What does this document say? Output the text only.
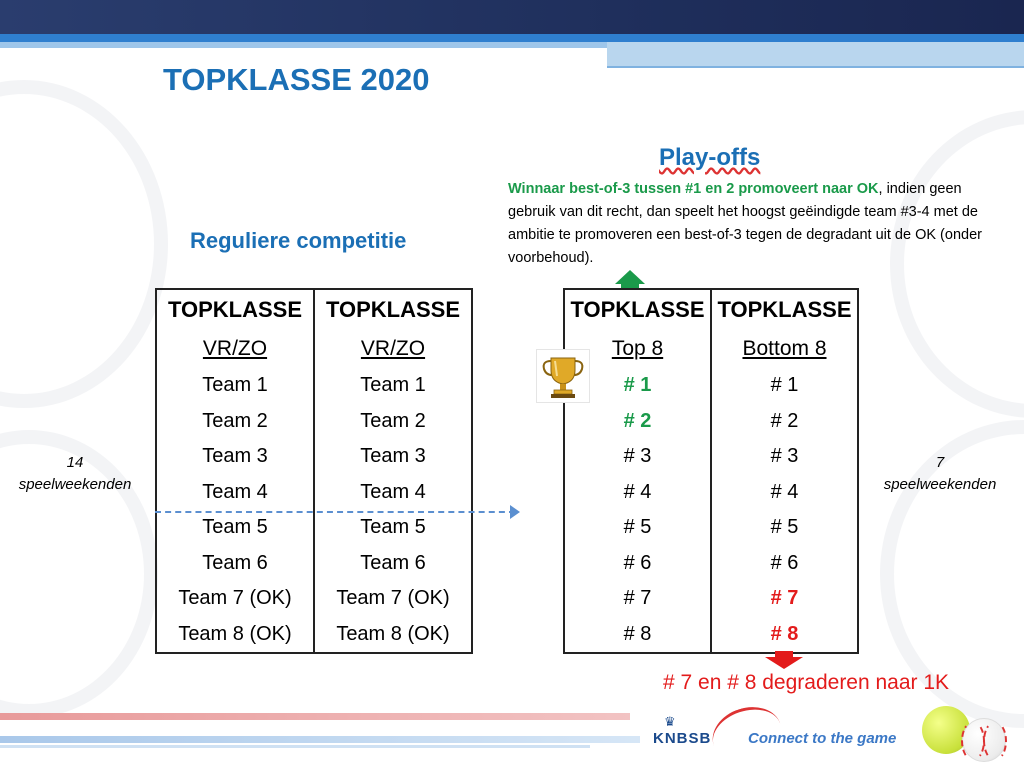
TOPKLASSE 2020
Reguliere competitie
Play-offs
Winnaar best-of-3 tussen #1 en 2 promoveert naar OK, indien geen gebruik van dit recht, dan speelt het hoogst geëindigde team #3-4 met de ambitie te promoveren een best-of-3 tegen de degradant uit de OK (onder voorbehoud).
14
speelweekenden
7
speelweekenden
TOPKLASSE	TOPKLASSE
VR/ZO	VR/ZO
Team 1	Team 1
Team 2	Team 2
Team 3	Team 3
Team 4	Team 4
Team 5	Team 5
Team 6	Team 6
Team 7 (OK)	Team 7 (OK)
Team 8 (OK)	Team 8 (OK)
TOPKLASSE	TOPKLASSE
Top 8	Bottom 8
# 1	# 1
# 2	# 2
# 3	# 3
# 4	# 4
# 5	# 5
# 6	# 6
# 7	# 7
# 8	# 8
# 7 en # 8 degraderen naar 1K
♛
KNBSB Connect to the game
